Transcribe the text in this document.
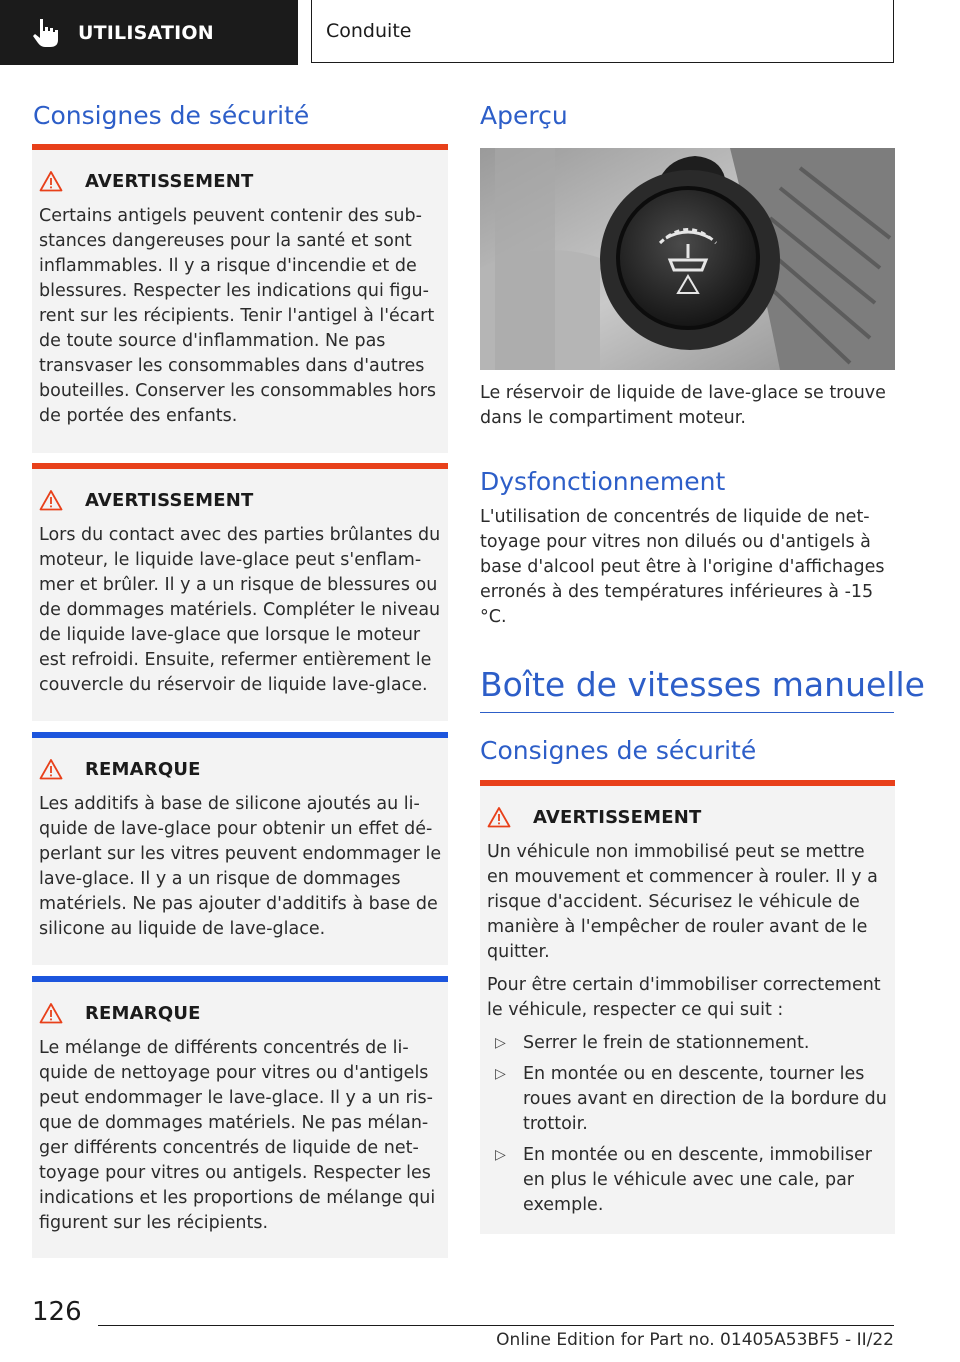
UTILISATION	Conduite
Consignes de sécurité
AVERTISSEMENT

Certains antigels peuvent contenir des sub-stances dangereuses pour la santé et sont inflammables. Il y a risque d'incendie et de blessures. Respecter les indications qui figu-rent sur les récipients. Tenir l'antigel à l'écart de toute source d'inflammation. Ne pas transvaser les consommables dans d'autres bouteilles. Conserver les consommables hors de portée des enfants.

AVERTISSEMENT

Lors du contact avec des parties brûlantes du moteur, le liquide lave-glace peut s'enflam-mer et brûler. Il y a un risque de blessures ou de dommages matériels. Compléter le niveau de liquide lave-glace que lorsque le moteur est refroidi. Ensuite, refermer entièrement le couvercle du réservoir de liquide lave-glace.

REMARQUE

Les additifs à base de silicone ajoutés au li-quide de lave-glace pour obtenir un effet dé-perlant sur les vitres peuvent endommager le lave-glace. Il y a un risque de dommages matériels. Ne pas ajouter d'additifs à base de silicone au liquide de lave-glace.

REMARQUE

Le mélange de différents concentrés de li-quide de nettoyage pour vitres ou d'antigels peut endommager le lave-glace. Il y a un ris-que de dommages matériels. Ne pas mélan-ger différents concentrés de liquide de net-toyage pour vitres ou antigels. Respecter les indications et les proportions de mélange qui figurent sur les récipients.

Aperçu

Le réservoir de liquide de lave-glace se trouve dans le compartiment moteur.

Dysfonctionnement

L'utilisation de concentrés de liquide de net-toyage pour vitres non dilués ou d'antigels à base d'alcool peut être à l'origine d'affichages erronés à des températures inférieures à -15 °C.

Boîte de vitesses manuelle
Consignes de sécurité
AVERTISSEMENT

Un véhicule non immobilisé peut se mettre en mouvement et commencer à rouler. Il y a risque d'accident. Sécurisez le véhicule de manière à l'empêcher de rouler avant de le quitter.

Pour être certain d'immobiliser correctement le véhicule, respecter ce qui suit :

▷ Serrer le frein de stationnement.
▷ En montée ou en descente, tourner les roues avant en direction de la bordure du trottoir.
▷ En montée ou en descente, immobiliser en plus le véhicule avec une cale, par exemple.
126
Online Edition for Part no. 01405A53BF5 - II/22
